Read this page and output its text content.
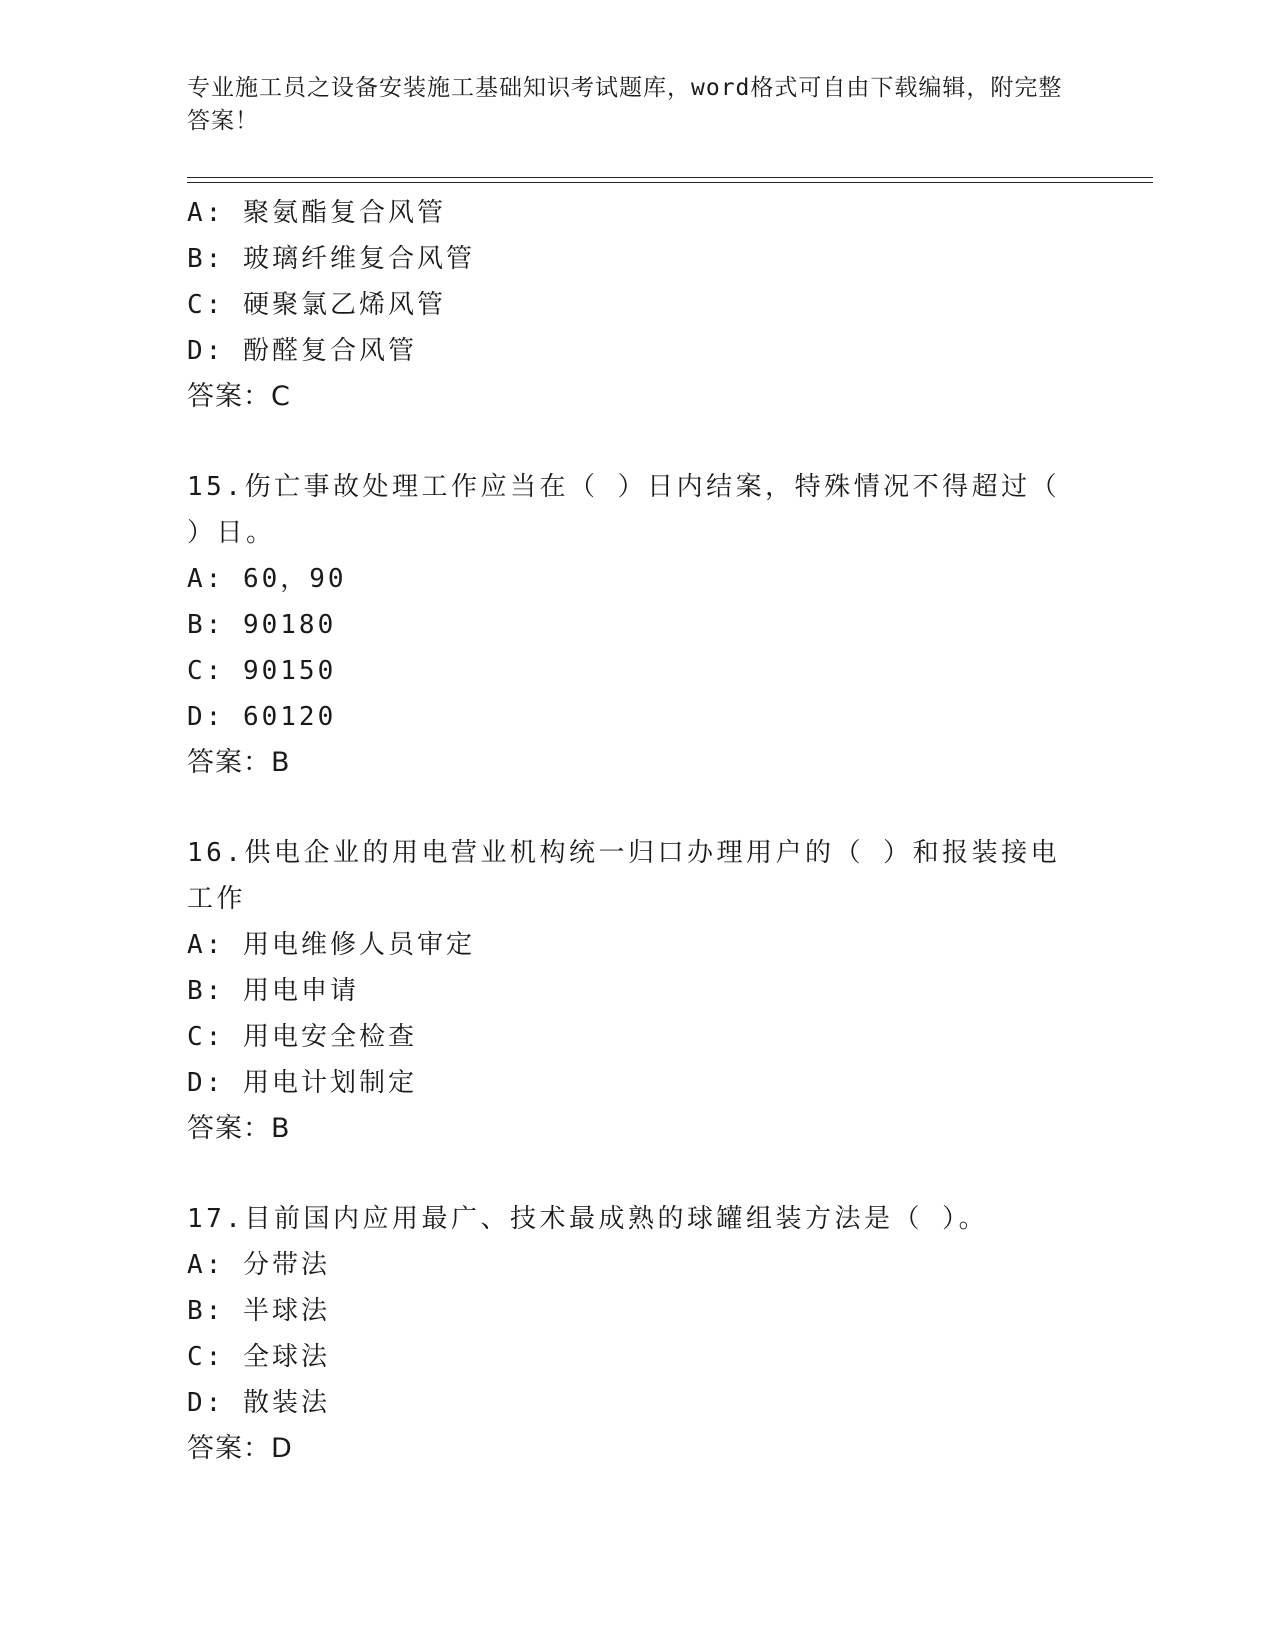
专业施工员之设备安装施工基础知识考试题库，word格式可自由下载编辑，附完整答案！
A: 聚氨酯复合风管
B: 玻璃纤维复合风管
C: 硬聚氯乙烯风管
D: 酚醛复合风管
答案：C
15.伤亡事故处理工作应当在（ ）日内结案，特殊情况不得超过（ ）日。
A: 60，90
B: 90180
C: 90150
D: 60120
答案：B
16.供电企业的用电营业机构统一归口办理用户的（ ）和报装接电工作
A: 用电维修人员审定
B: 用电申请
C: 用电安全检查
D: 用电计划制定
答案：B
17.目前国内应用最广、技术最成熟的球罐组装方法是（ ）。
A: 分带法
B: 半球法
C: 全球法
D: 散装法
答案：D
